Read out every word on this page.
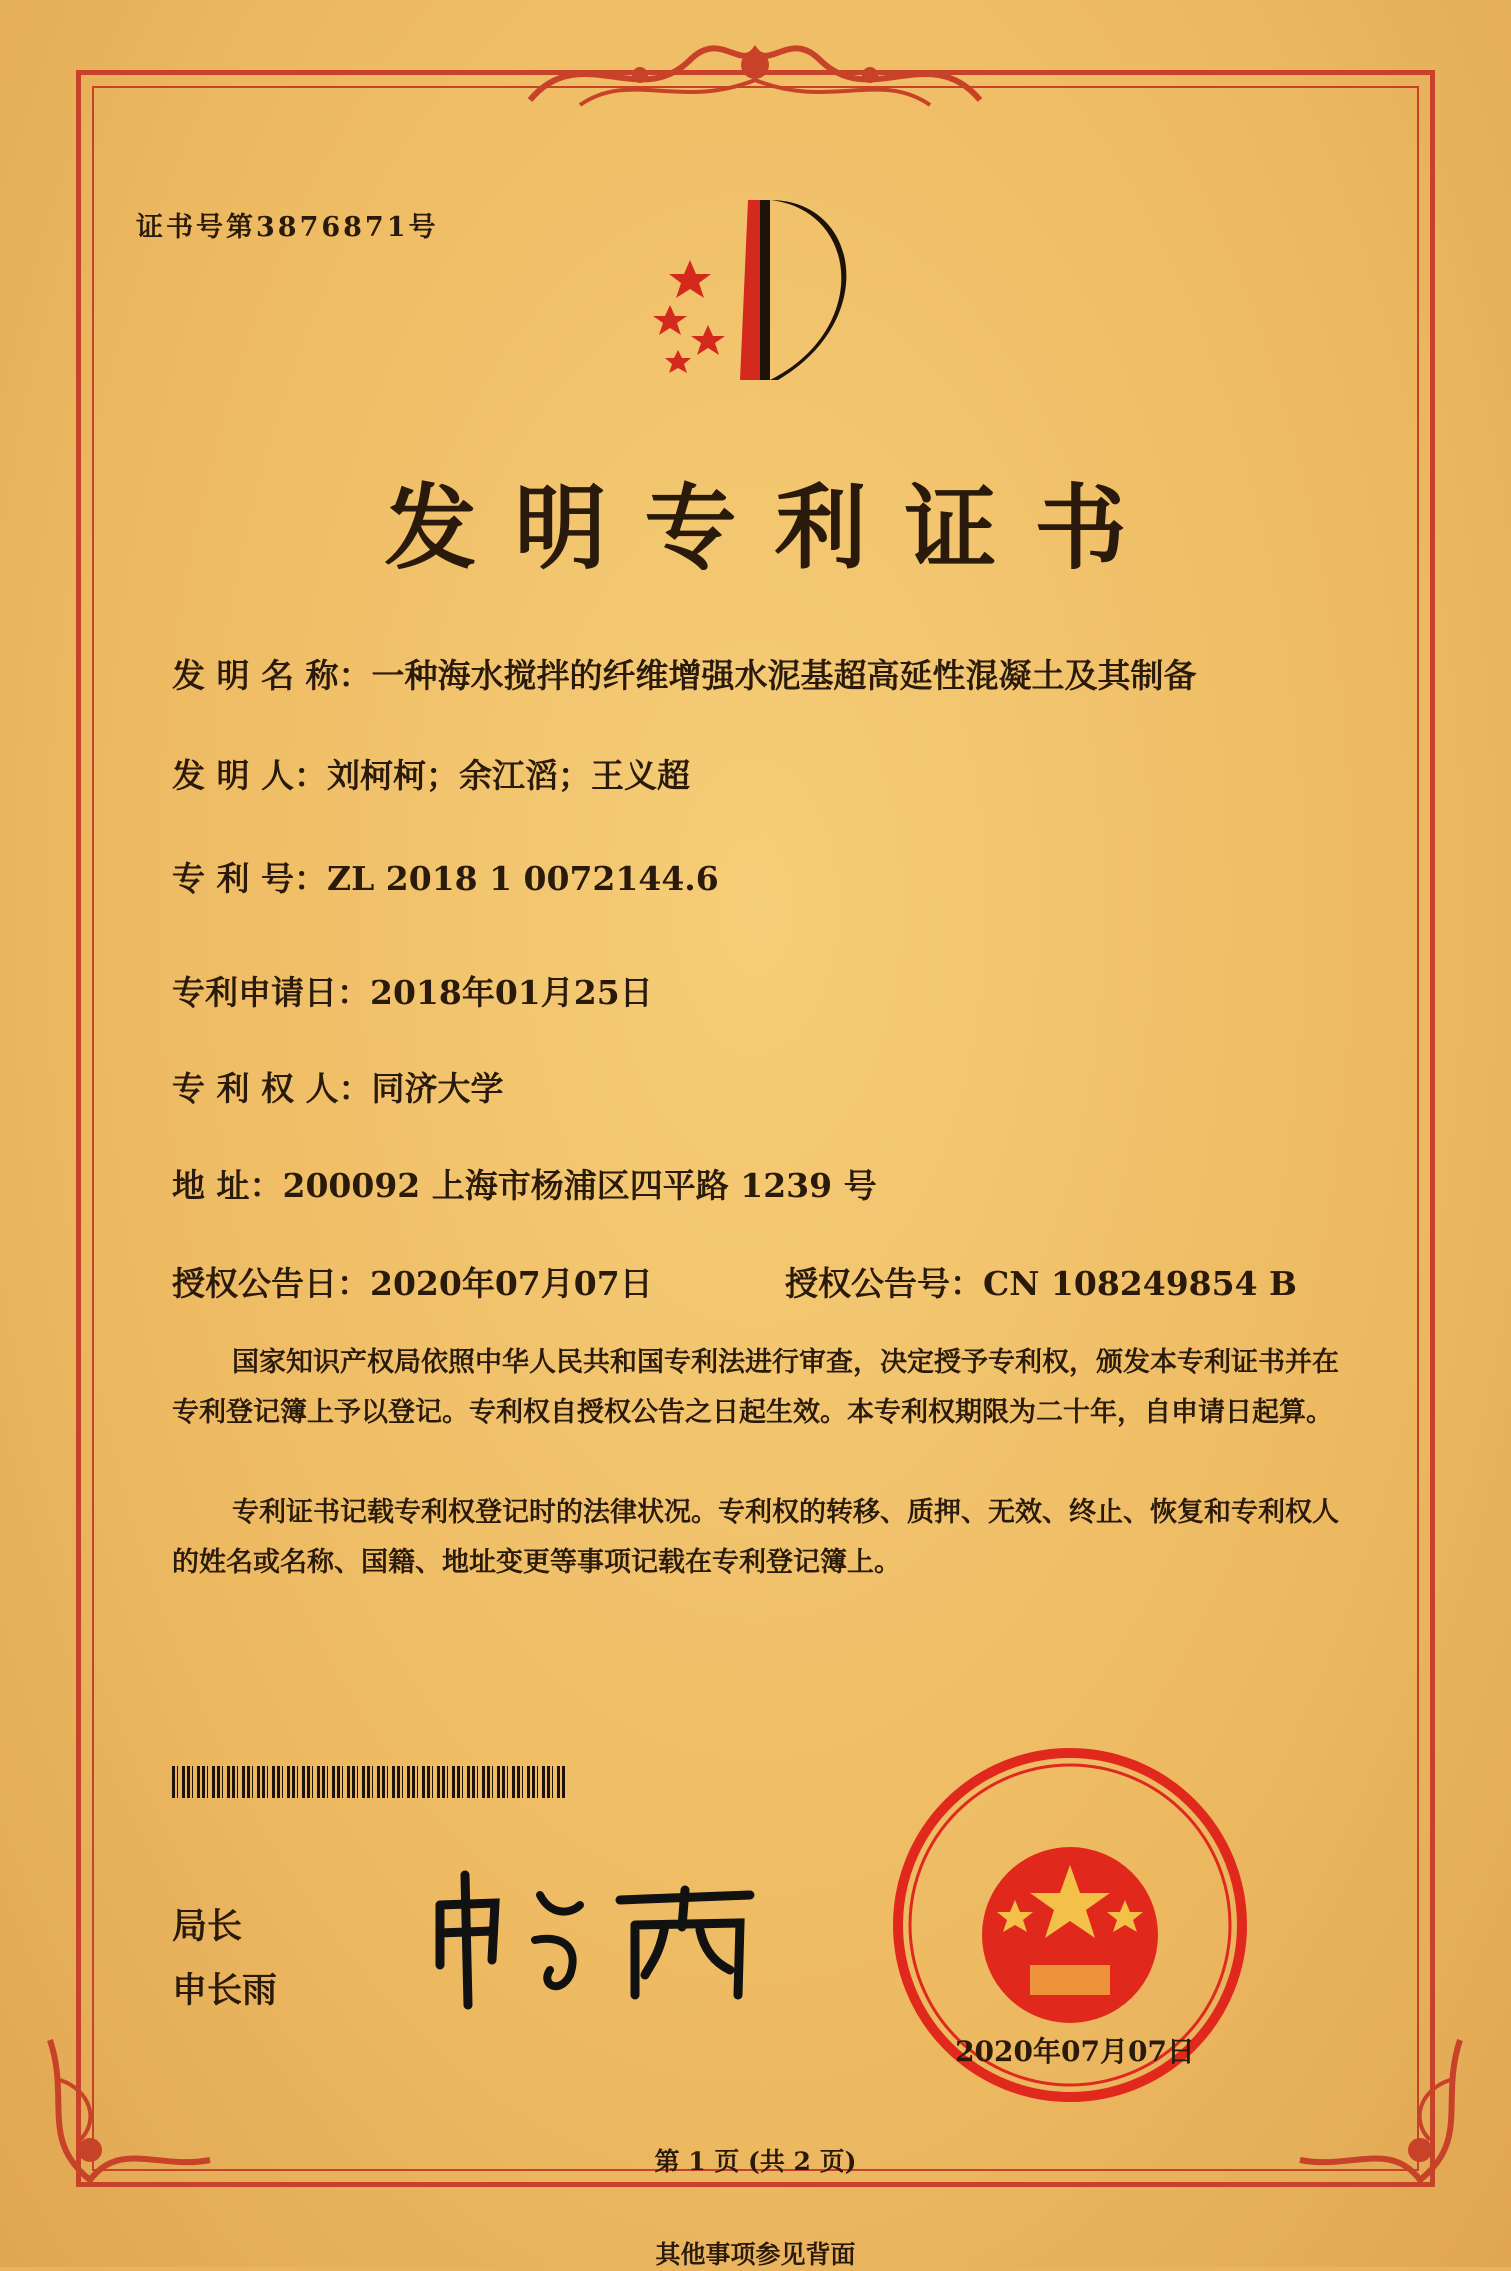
证书号第3876871号
发明专利证书
发 明 名 称：一种海水搅拌的纤维增强水泥基超高延性混凝土及其制备
发 明 人：刘柯柯；余江滔；王义超
专 利 号：ZL 2018 1 0072144.6
专利申请日：2018年01月25日
专 利 权 人：同济大学
地 址：200092 上海市杨浦区四平路 1239 号
授权公告日：2020年07月07日	授权公告号：CN 108249854 B
国家知识产权局依照中华人民共和国专利法进行审查，决定授予专利权，颁发本专利证书并在专利登记簿上予以登记。专利权自授权公告之日起生效。本专利权期限为二十年，自申请日起算。
专利证书记载专利权登记时的法律状况。专利权的转移、质押、无效、终止、恢复和专利权人的姓名或名称、国籍、地址变更等事项记载在专利登记簿上。
局长
申长雨
2020年07月07日
第 1 页 (共 2 页)
其他事项参见背面
